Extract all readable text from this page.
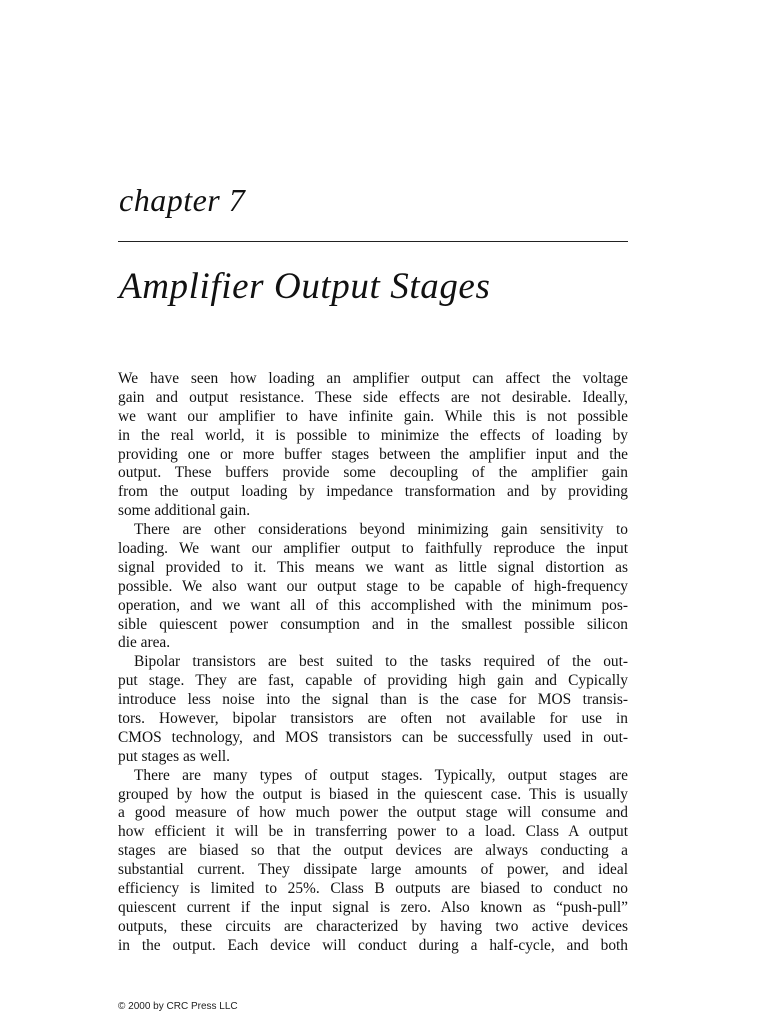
chapter 7
Amplifier Output Stages

We have seen how loading an amplifier output can affect the voltage
gain and output resistance. These side effects are not desirable. Ideally,
we want our amplifier to have infinite gain. While this is not possible
in the real world, it is possible to minimize the effects of loading by
providing one or more buffer stages between the amplifier input and the
output. These buffers provide some decoupling of the amplifier gain
from the output loading by impedance transformation and by providing
some additional gain.

There are other considerations beyond minimizing gain sensitivity to
loading. We want our amplifier output to faithfully reproduce the input
signal provided to it. This means we want as little signal distortion as
possible. We also want our output stage to be capable of high-frequency
operation, and we want all of this accomplished with the minimum pos-
sible quiescent power consumption and in the smallest possible silicon
die area.

Bipolar transistors are best suited to the tasks required of the out-
put stage. They are fast, capable of providing high gain and Cypically
introduce less noise into the signal than is the case for MOS transis-
tors. However, bipolar transistors are often not available for use in
CMOS technology, and MOS transistors can be successfully used in out-
put stages as well.

There are many types of output stages. Typically, output stages are
grouped by how the output is biased in the quiescent case. This is usually
a good measure of how much power the output stage will consume and
how efficient it will be in transferring power to a load. Class A output
stages are biased so that the output devices are always conducting a
substantial current. They dissipate large amounts of power, and ideal
efficiency is limited to 25%. Class B outputs are biased to conduct no
quiescent current if the input signal is zero. Also known as “push-pull”
outputs, these circuits are characterized by having two active devices
in the output. Each device will conduct during a half-cycle, and both

© 2000 by CRC Press LLC
